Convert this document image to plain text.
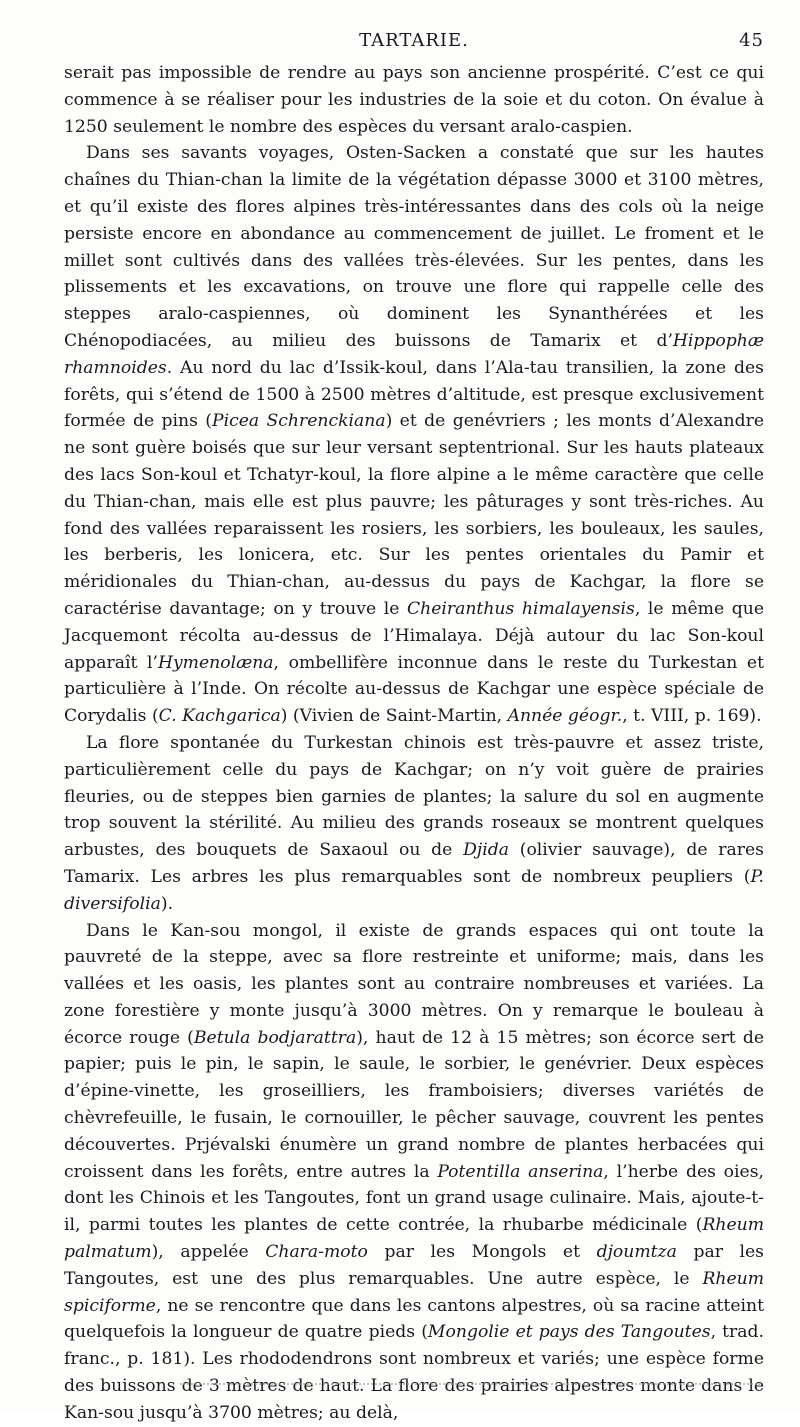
TARTARIE.	45

serait pas impossible de rendre au pays son ancienne prospérité. C’est ce qui commence à se réaliser pour les industries de la soie et du coton. On évalue à 1250 seulement le nombre des espèces du versant aralo-caspien.

Dans ses savants voyages, Osten-Sacken a constaté que sur les hautes chaînes du Thian-chan la limite de la végétation dépasse 3000 et 3100 mètres, et qu’il existe des flores alpines très-intéressantes dans des cols où la neige persiste encore en abondance au commencement de juillet. Le froment et le millet sont cultivés dans des vallées très-élevées. Sur les pentes, dans les plissements et les excavations, on trouve une flore qui rappelle celle des steppes aralo-caspiennes, où dominent les Synanthérées et les Chénopodiacées, au milieu des buissons de Tamarix et d’Hippophæ rhamnoides. Au nord du lac d’Issik-koul, dans l’Ala-tau transilien, la zone des forêts, qui s’étend de 1500 à 2500 mètres d’altitude, est presque exclusivement formée de pins (Picea Schrenckiana) et de genévriers ; les monts d’Alexandre ne sont guère boisés que sur leur versant septentrional. Sur les hauts plateaux des lacs Son-koul et Tchatyr-koul, la flore alpine a le même caractère que celle du Thian-chan, mais elle est plus pauvre; les pâturages y sont très-riches. Au fond des vallées reparaissent les rosiers, les sorbiers, les bouleaux, les saules, les berberis, les lonicera, etc. Sur les pentes orientales du Pamir et méridionales du Thian-chan, au-dessus du pays de Kachgar, la flore se caractérise davantage; on y trouve le Cheiranthus himalayensis, le même que Jacquemont récolta au-dessus de l’Himalaya. Déjà autour du lac Son-koul apparaît l’Hymenolæna, ombellifère inconnue dans le reste du Turkestan et particulière à l’Inde. On récolte au-dessus de Kachgar une espèce spéciale de Corydalis (C. Kachgarica) (Vivien de Saint-Martin, Année géogr., t. VIII, p. 169).

La flore spontanée du Turkestan chinois est très-pauvre et assez triste, particulièrement celle du pays de Kachgar; on n’y voit guère de prairies fleuries, ou de steppes bien garnies de plantes; la salure du sol en augmente trop souvent la stérilité. Au milieu des grands roseaux se montrent quelques arbustes, des bouquets de Saxaoul ou de Djida (olivier sauvage), de rares Tamarix. Les arbres les plus remarquables sont de nombreux peupliers (P. diversifolia).

Dans le Kan-sou mongol, il existe de grands espaces qui ont toute la pauvreté de la steppe, avec sa flore restreinte et uniforme; mais, dans les vallées et les oasis, les plantes sont au contraire nombreuses et variées. La zone forestière y monte jusqu’à 3000 mètres. On y remarque le bouleau à écorce rouge (Betula bodjarattra), haut de 12 à 15 mètres; son écorce sert de papier; puis le pin, le sapin, le saule, le sorbier, le genévrier. Deux espèces d’épine-vinette, les groseilliers, les framboisiers; diverses variétés de chèvrefeuille, le fusain, le cornouiller, le pêcher sauvage, couvrent les pentes découvertes. Prjévalski énumère un grand nombre de plantes herbacées qui croissent dans les forêts, entre autres la Potentilla anserina, l’herbe des oies, dont les Chinois et les Tangoutes, font un grand usage culinaire. Mais, ajoute-t-il, parmi toutes les plantes de cette contrée, la rhubarbe médicinale (Rheum palmatum), appelée Chara-moto par les Mongols et djoumtza par les Tangoutes, est une des plus remarquables. Une autre espèce, le Rheum spiciforme, ne se rencontre que dans les cantons alpestres, où sa racine atteint quelquefois la longueur de quatre pieds (Mongolie et pays des Tangoutes, trad. franc., p. 181). Les rhododendrons sont nombreux et variés; une espèce forme des buissons de 3 mètres de haut. La flore des prairies alpestres monte dans le Kan-sou jusqu’à 3700 mètres; au delà,
